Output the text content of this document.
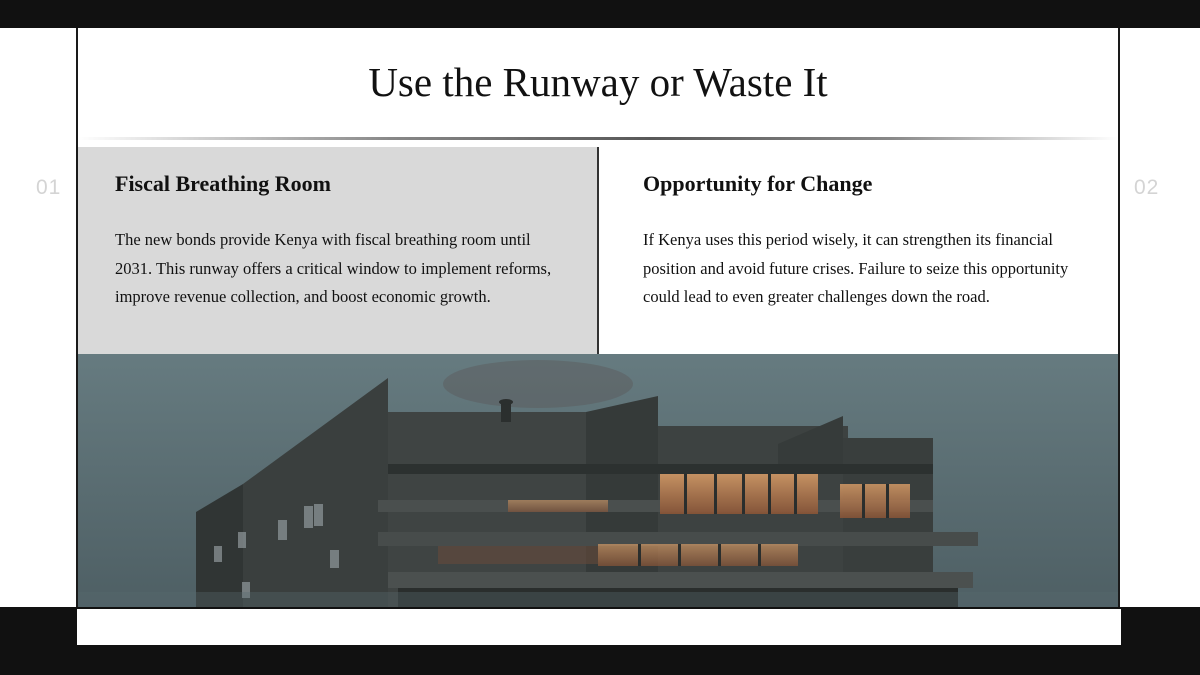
01	02
Use the Runway or Waste It
Fiscal Breathing Room

The new bonds provide Kenya with fiscal breathing room until 2031. This runway offers a critical window to implement reforms, improve revenue collection, and boost economic growth.

Opportunity for Change

If Kenya uses this period wisely, it can strengthen its financial position and avoid future crises. Failure to seize this opportunity could lead to even greater challenges down the road.
